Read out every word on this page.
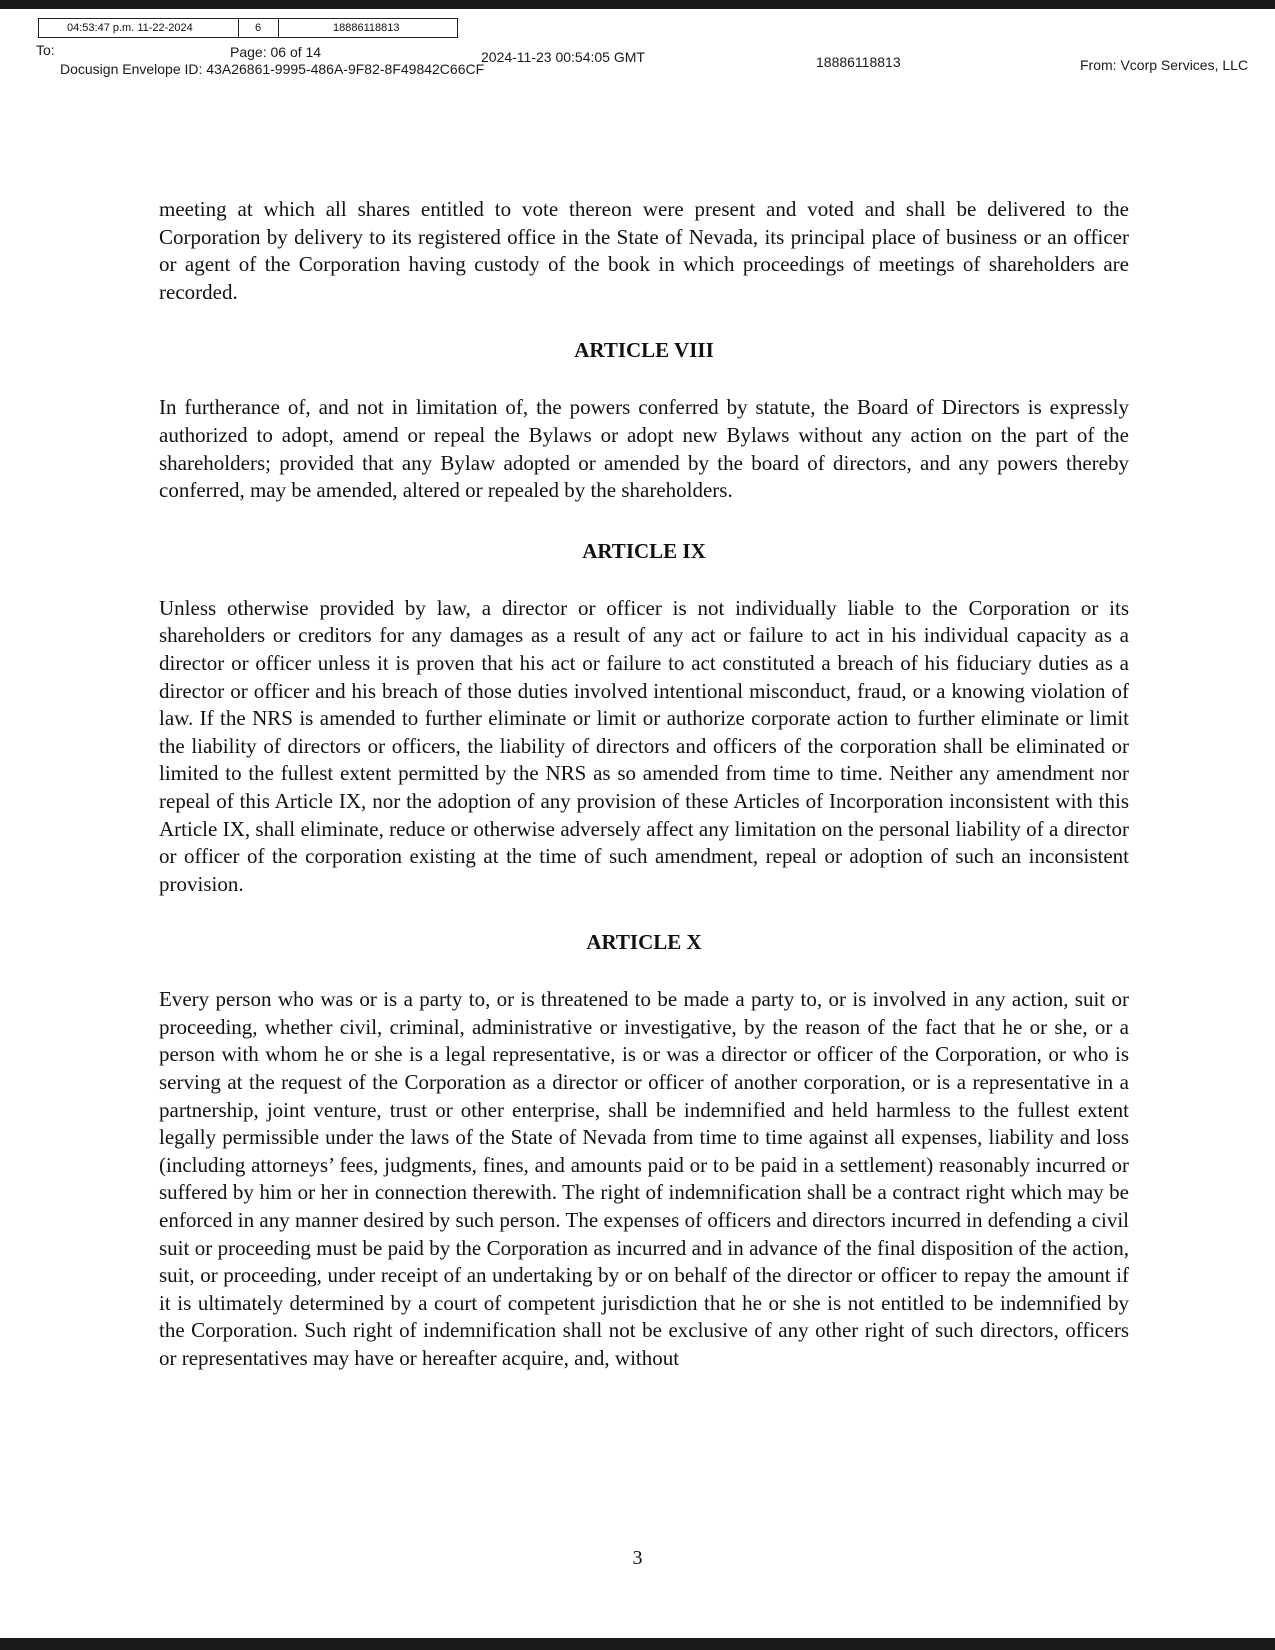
04:53:47 p.m. 11-22-2024	6	18886118813
To:	Page: 06 of 14	2024-11-23 00:54:05 GMT
Docusign Envelope ID: 43A26861-9995-486A-9F82-8F49842C66CF	18886118813	From: Vcorp Services, LLC

meeting at which all shares entitled to vote thereon were present and voted and shall be delivered to the Corporation by delivery to its registered office in the State of Nevada, its principal place of business or an officer or agent of the Corporation having custody of the book in which proceedings of meetings of shareholders are recorded.

ARTICLE VIII

In furtherance of, and not in limitation of, the powers conferred by statute, the Board of Directors is expressly authorized to adopt, amend or repeal the Bylaws or adopt new Bylaws without any action on the part of the shareholders; provided that any Bylaw adopted or amended by the board of directors, and any powers thereby conferred, may be amended, altered or repealed by the shareholders.

ARTICLE IX

Unless otherwise provided by law, a director or officer is not individually liable to the Corporation or its shareholders or creditors for any damages as a result of any act or failure to act in his individual capacity as a director or officer unless it is proven that his act or failure to act constituted a breach of his fiduciary duties as a director or officer and his breach of those duties involved intentional misconduct, fraud, or a knowing violation of law. If the NRS is amended to further eliminate or limit or authorize corporate action to further eliminate or limit the liability of directors or officers, the liability of directors and officers of the corporation shall be eliminated or limited to the fullest extent permitted by the NRS as so amended from time to time. Neither any amendment nor repeal of this Article IX, nor the adoption of any provision of these Articles of Incorporation inconsistent with this Article IX, shall eliminate, reduce or otherwise adversely affect any limitation on the personal liability of a director or officer of the corporation existing at the time of such amendment, repeal or adoption of such an inconsistent provision.

ARTICLE X

Every person who was or is a party to, or is threatened to be made a party to, or is involved in any action, suit or proceeding, whether civil, criminal, administrative or investigative, by the reason of the fact that he or she, or a person with whom he or she is a legal representative, is or was a director or officer of the Corporation, or who is serving at the request of the Corporation as a director or officer of another corporation, or is a representative in a partnership, joint venture, trust or other enterprise, shall be indemnified and held harmless to the fullest extent legally permissible under the laws of the State of Nevada from time to time against all expenses, liability and loss (including attorneys’ fees, judgments, fines, and amounts paid or to be paid in a settlement) reasonably incurred or suffered by him or her in connection therewith. The right of indemnification shall be a contract right which may be enforced in any manner desired by such person. The expenses of officers and directors incurred in defending a civil suit or proceeding must be paid by the Corporation as incurred and in advance of the final disposition of the action, suit, or proceeding, under receipt of an undertaking by or on behalf of the director or officer to repay the amount if it is ultimately determined by a court of competent jurisdiction that he or she is not entitled to be indemnified by the Corporation. Such right of indemnification shall not be exclusive of any other right of such directors, officers or representatives may have or hereafter acquire, and, without

3
